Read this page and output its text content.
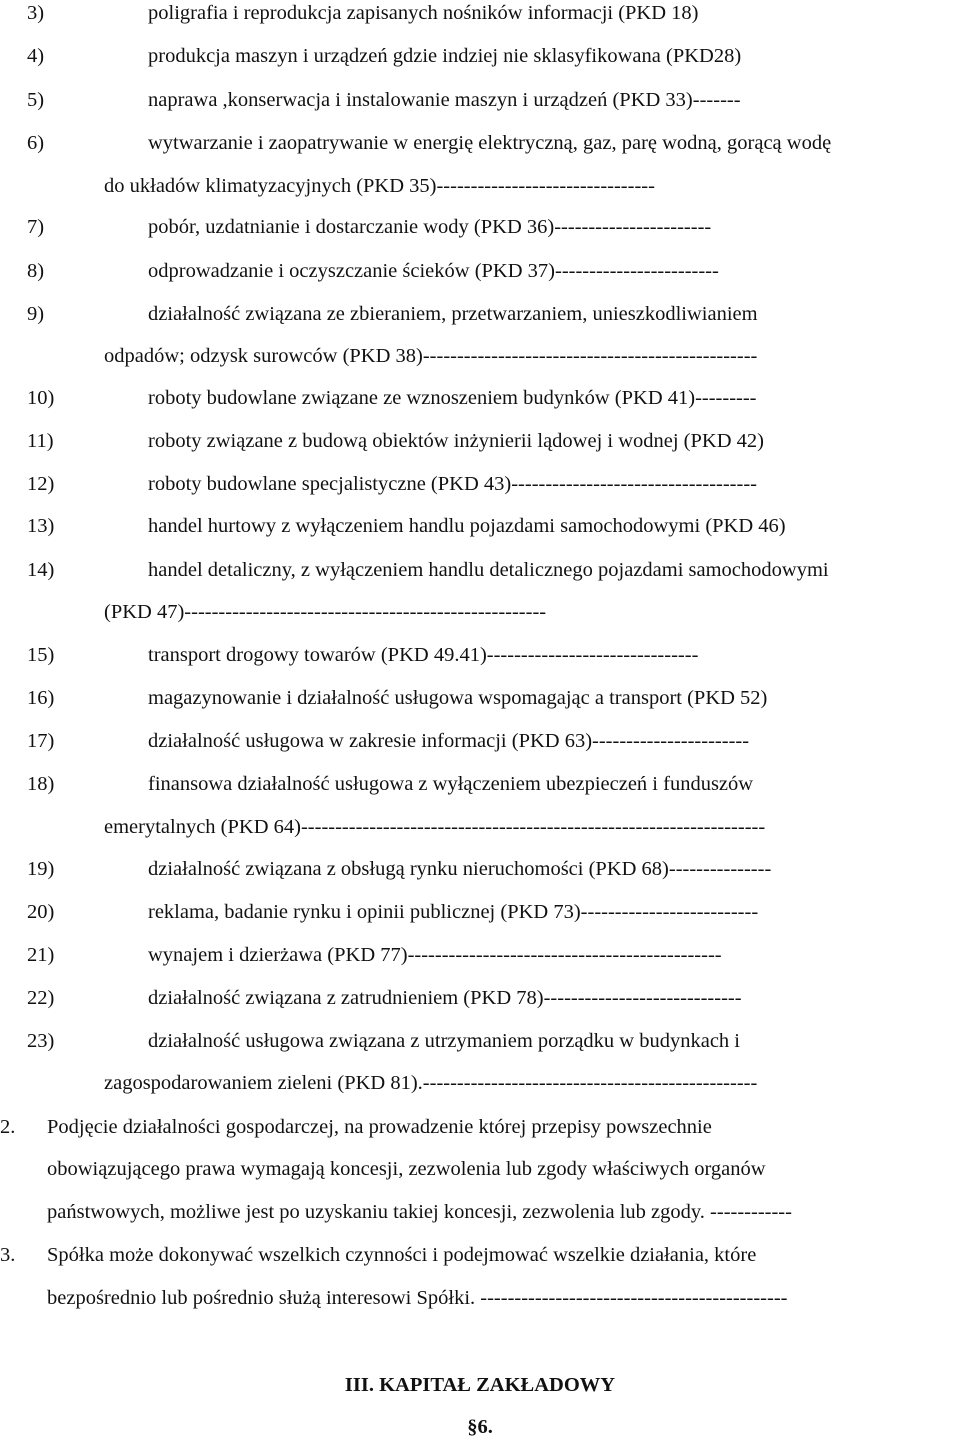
3)	poligrafia i reprodukcja zapisanych nośników informacji (PKD 18)
4)	produkcja maszyn i urządzeń gdzie indziej nie sklasyfikowana (PKD28)
5)	naprawa ,konserwacja i instalowanie maszyn i urządzeń (PKD 33)-------
6)	wytwarzanie i zaopatrywanie w energię elektryczną, gaz, parę wodną, gorącą wodę
do układów klimatyzacyjnych (PKD 35)--------------------------------
7)	pobór, uzdatnianie i dostarczanie wody (PKD 36)-----------------------
8)	odprowadzanie i oczyszczanie ścieków (PKD 37)------------------------
9)	działalność związana ze zbieraniem, przetwarzaniem, unieszkodliwianiem
odpadów; odzysk surowców (PKD 38)-------------------------------------------------
10)	roboty budowlane związane ze wznoszeniem budynków (PKD 41)---------
11)	roboty związane z budową obiektów inżynierii lądowej i wodnej (PKD 42)
12)	roboty budowlane specjalistyczne (PKD 43)------------------------------------
13)	handel hurtowy z wyłączeniem handlu pojazdami samochodowymi (PKD 46)
14)	handel detaliczny, z wyłączeniem handlu detalicznego pojazdami samochodowymi
(PKD 47)-----------------------------------------------------
15)	transport drogowy towarów (PKD 49.41)-------------------------------
16)	magazynowanie i działalność usługowa wspomagając a transport (PKD 52)
17)	działalność usługowa w zakresie informacji (PKD 63)-----------------------
18)	finansowa działalność usługowa z wyłączeniem ubezpieczeń i funduszów
emerytalnych (PKD 64)--------------------------------------------------------------------
19)	działalność związana z obsługą rynku nieruchomości (PKD 68)---------------
20)	reklama, badanie rynku i opinii publicznej (PKD 73)--------------------------
21)	wynajem i dzierżawa (PKD 77)----------------------------------------------
22)	działalność związana z zatrudnieniem (PKD 78)-----------------------------
23)	działalność usługowa związana z utrzymaniem porządku w budynkach i
zagospodarowaniem zieleni (PKD 81).-------------------------------------------------
2. Podjęcie działalności gospodarczej, na prowadzenie której przepisy powszechnie
obowiązującego prawa wymagają koncesji, zezwolenia lub zgody właściwych organów
państwowych, możliwe jest po uzyskaniu takiej koncesji, zezwolenia lub zgody. ------------
3. Spółka może dokonywać wszelkich czynności i podejmować wszelkie działania, które
bezpośrednio lub pośrednio służą interesowi Spółki. ---------------------------------------------
III. KAPITAŁ ZAKŁADOWY
§6.
